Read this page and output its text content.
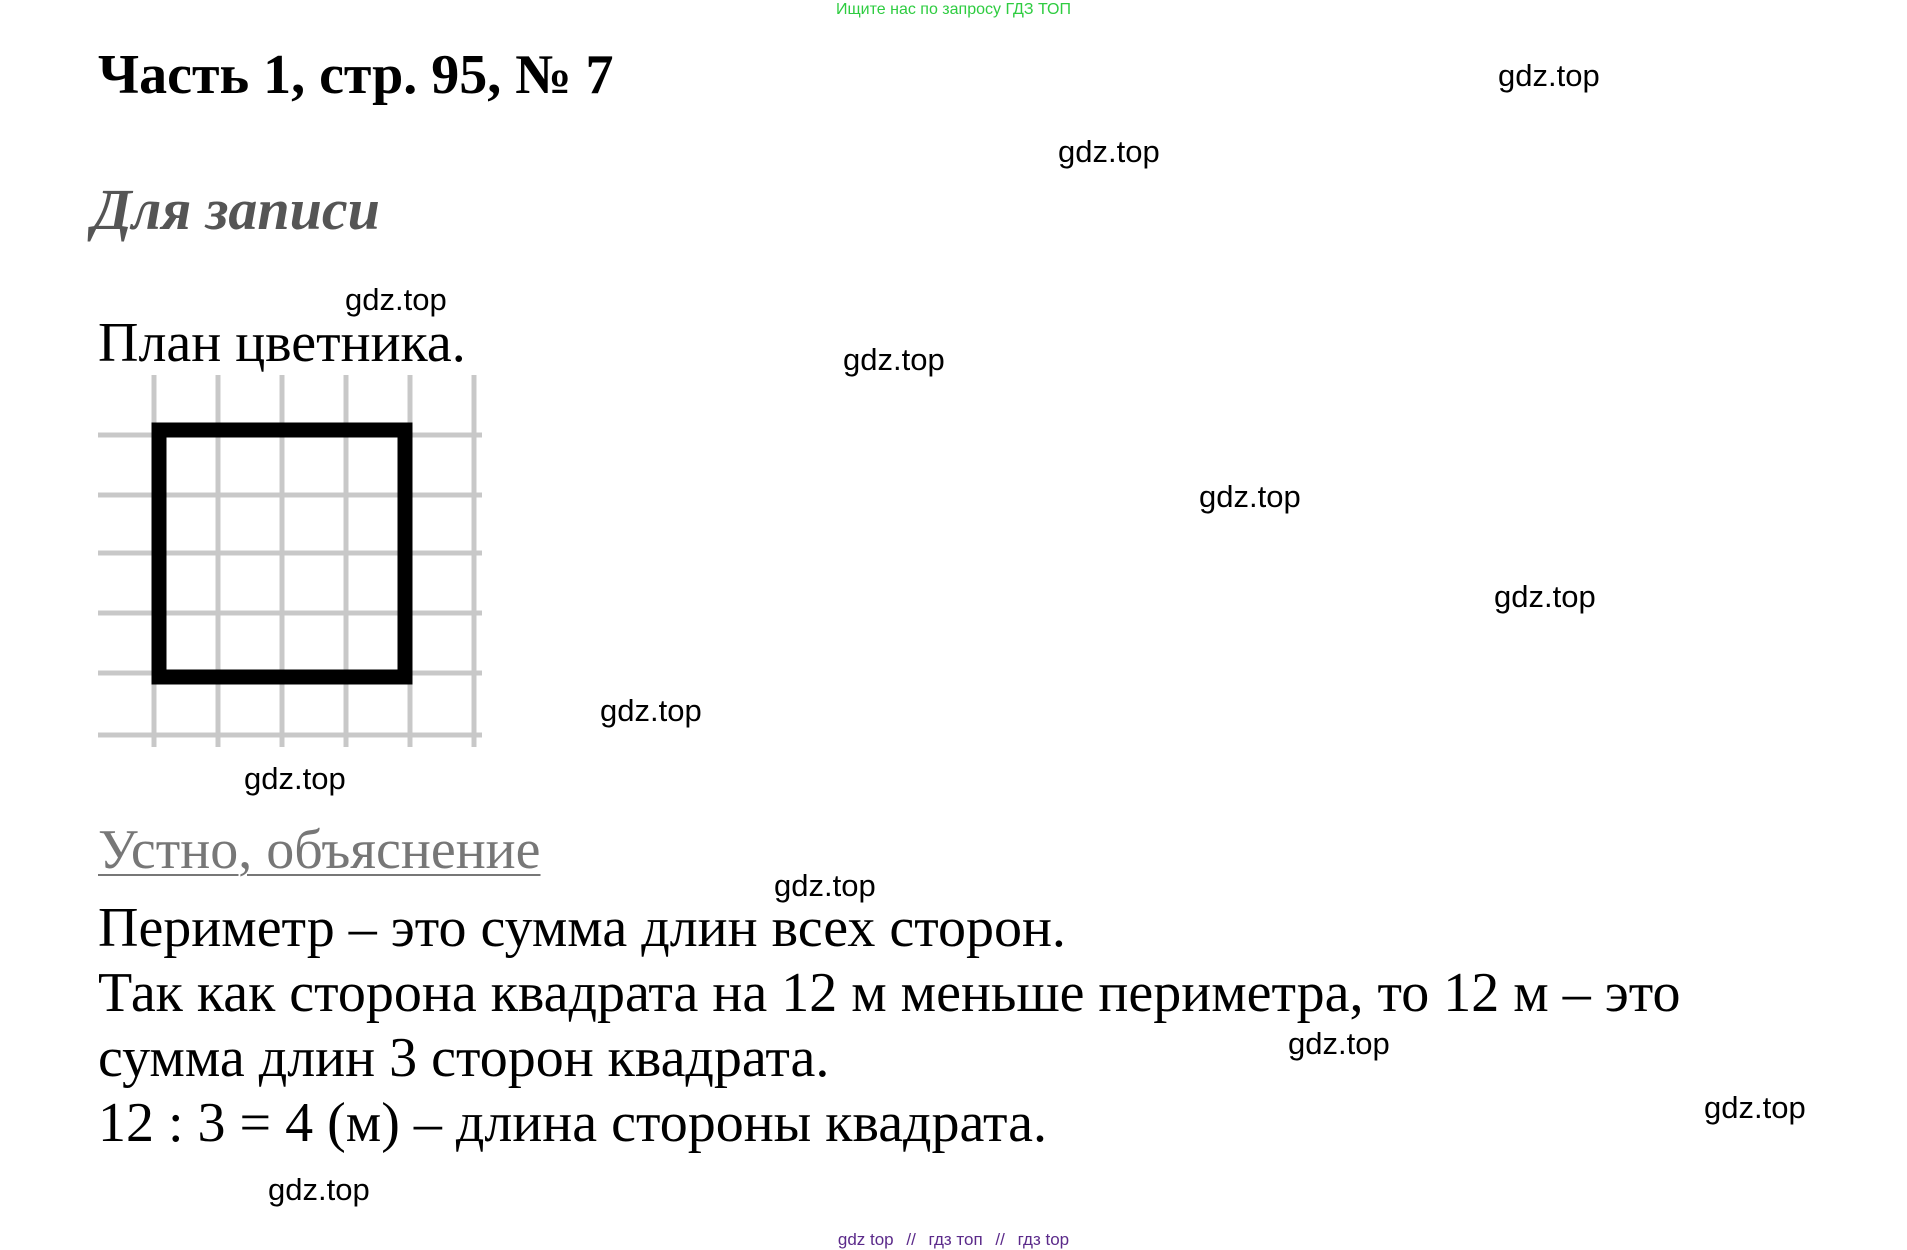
Ищите нас по запросу ГДЗ ТОП

Часть 1, стр. 95, № 7
Для записи

План цветника.

Устно, объяснение

Периметр – это сумма длин всех сторон.

Так как сторона квадрата на 12 м меньше периметра, то 12 м – это

сумма длин 3 сторон квадрата.

12 : 3 = 4 (м) – длина стороны квадрата.

gdz.top
gdz.top
gdz.top
gdz.top
gdz.top
gdz.top
gdz.top
gdz.top
gdz.top
gdz.top
gdz.top
gdz.top

gdz top // гдз топ // гдз top
